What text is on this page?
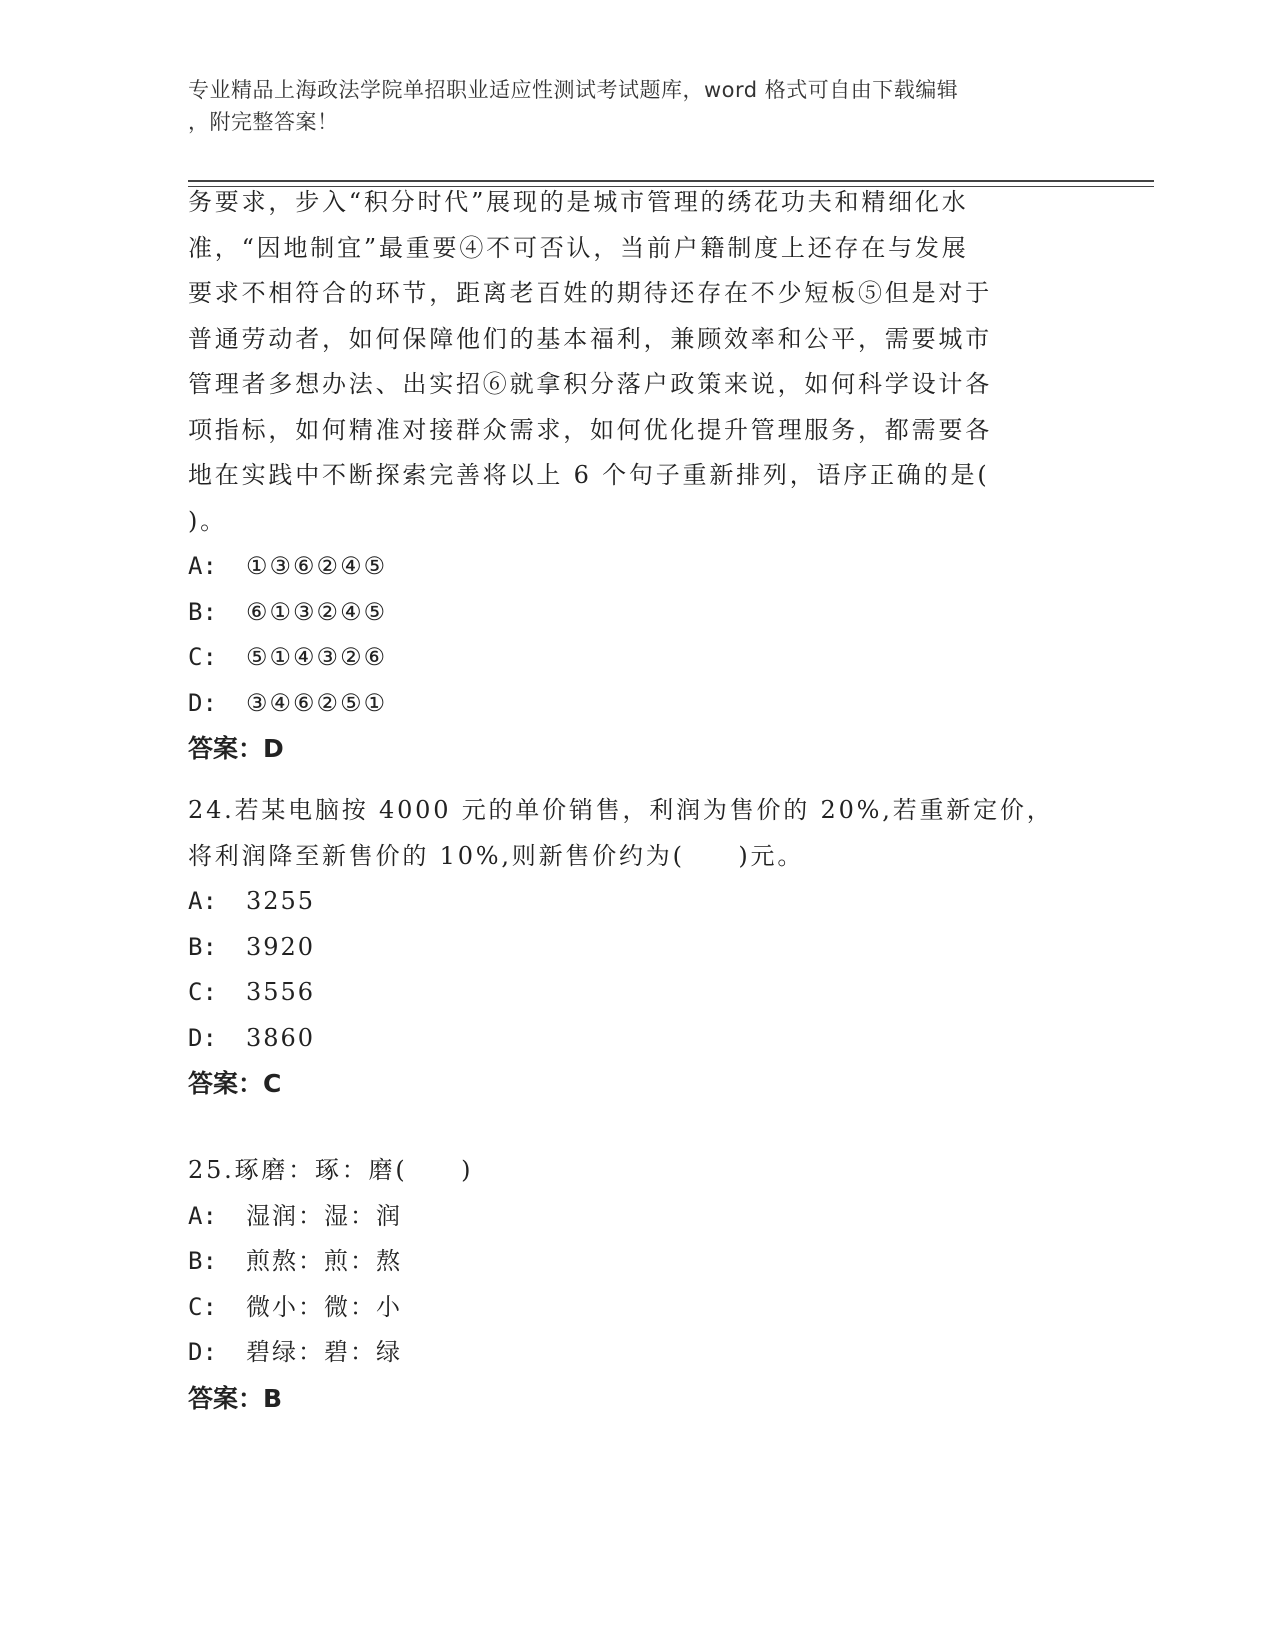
专业精品上海政法学院单招职业适应性测试考试题库，word 格式可自由下载编辑
，附完整答案！

务要求，步入“积分时代”展现的是城市管理的绣花功夫和精细化水

准，“因地制宜”最重要④不可否认，当前户籍制度上还存在与发展

要求不相符合的环节，距离老百姓的期待还存在不少短板⑤但是对于

普通劳动者，如何保障他们的基本福利，兼顾效率和公平，需要城市

管理者多想办法、出实招⑥就拿积分落户政策来说，如何科学设计各

项指标，如何精准对接群众需求，如何优化提升管理服务，都需要各

地在实践中不断探索完善将以上 6 个句子重新排列，语序正确的是(

)。

A:	①③⑥②④⑤
B:	⑥①③②④⑤
C:	⑤①④③②⑥
D:	③④⑥②⑤①

答案：D

24.若某电脑按 4000 元的单价销售，利润为售价的 20%,若重新定价，

将利润降至新售价的 10%,则新售价约为(　　)元。

A:	3255
B:	3920
C:	3556
D:	3860

答案：C

25.琢磨：琢：磨(　　)

A:	湿润：湿：润
B:	煎熬：煎：熬
C:	微小：微：小
D:	碧绿：碧：绿

答案：B
